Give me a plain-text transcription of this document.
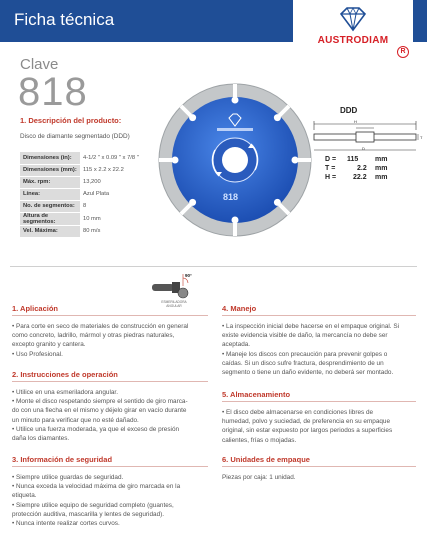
Ficha técnica
AUSTRODIAM
R
Clave
818
1. Descripción del producto:
Disco de diamante segmentado (DDD)
Dimensiones (in):	4-1/2 " x 0.09 " x 7/8 "
Dimensiones (mm):	115 x 2.2 x 22.2
Máx. rpm:	13,200
Línea:	Azul Plata
No. de segmentos:	8
Altura de segmentos:	10 mm
Vel. Máxima:	80 m/s
818
DDD
H
T
D
D = 115 mm
T =	2.2 mm
H = 22.2 mm
90°
ESMERILADORA
ANGULAR
1. Aplicación
• Para corte en seco de materiales de construcción en general
como concreto, ladrillo, mármol y otras piedras naturales,
excepto granito y cantera.
• Uso Profesional.
2. Instrucciones de operación
• Utilice en una esmeriladora angular.
• Monte el disco respetando siempre el sentido de giro marca-
do con una flecha en el mismo y déjelo girar en vacío durante
un minuto para verificar que no esté dañado.
• Utilice una fuerza moderada, ya que el exceso de presión
daña los diamantes.
3. Información de seguridad
• Siempre utilice guardas de seguridad.
• Nunca exceda la velocidad máxima de giro marcada en la
etiqueta.
• Siempre utilice equipo de seguridad completo (guantes,
protección auditiva, mascarilla y lentes de seguridad).
• Nunca intente realizar cortes curvos.
4. Manejo
• La inspección inicial debe hacerse en el empaque original. Si
existe evidencia visible de daño, la mercancía no debe ser
aceptada.
• Maneje los discos con precaución para prevenir golpes o
caídas. Si un disco sufre fractura, desprendimiento de un
segmento o tiene un daño evidente, no deberá ser montado.
5. Almacenamiento
• El disco debe almacenarse en condiciones libres de
humedad, polvo y suciedad, de preferencia en su empaque
original, sin estar expuesto por largos periodos a superficies
calientes, frías o mojadas.
6. Unidades de empaque
Piezas por caja: 1 unidad.
